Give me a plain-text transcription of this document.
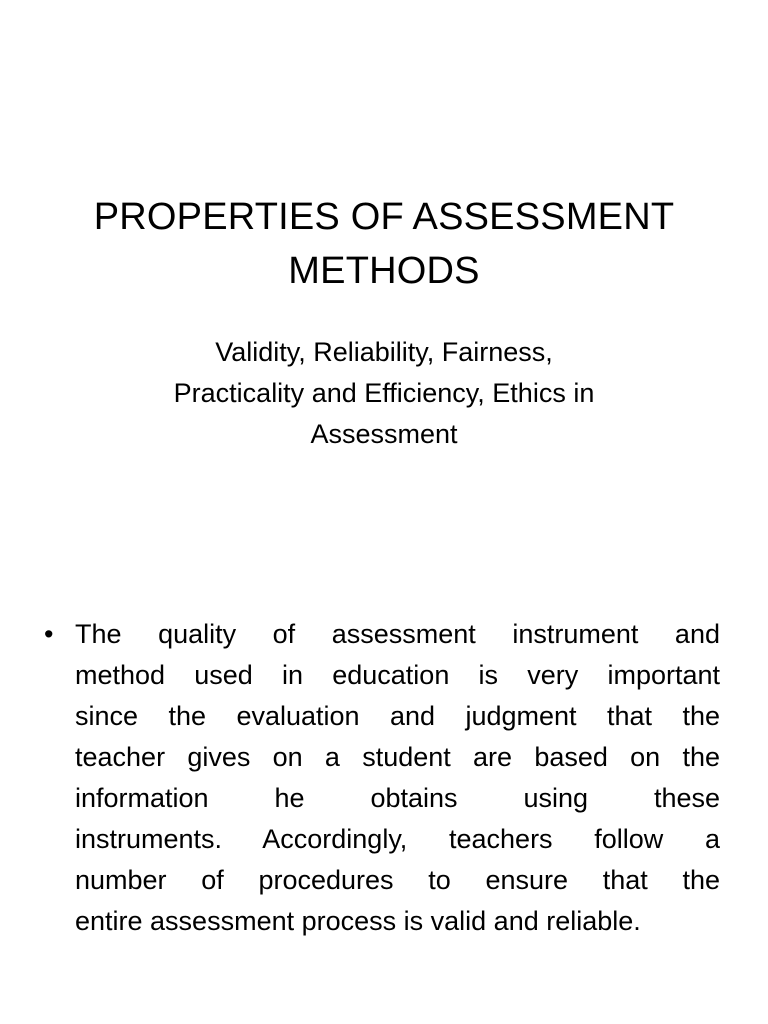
PROPERTIES OF ASSESSMENT
METHODS
Validity, Reliability, Fairness,
Practicality and Efficiency, Ethics in
Assessment
• The quality of assessment instrument and
method used in education is very important
since the evaluation and judgment that the
teacher gives on a student are based on the
information he obtains using these
instruments. Accordingly, teachers follow a
number of procedures to ensure that the
entire assessment process is valid and reliable.
